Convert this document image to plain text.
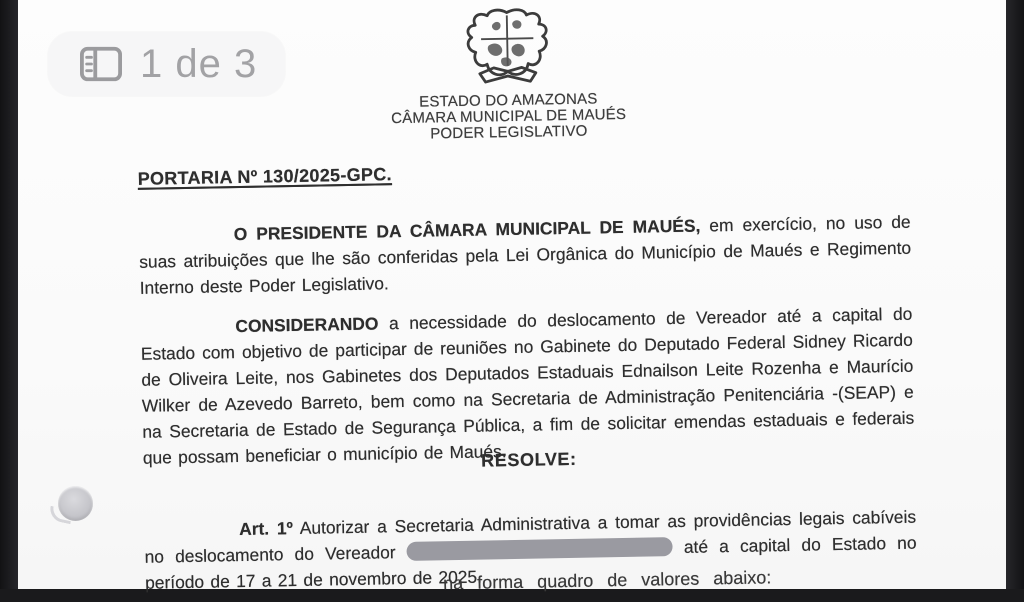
ESTADO DO AMAZONAS
CÂMARA MUNICIPAL DE MAUÉS
PODER LEGISLATIVO
PORTARIA Nº 130/2025-GPC.

O PRESIDENTE DA CÂMARA MUNICIPAL DE MAUÉS, em exercício, no uso de suas atribuições que lhe são conferidas pela Lei Orgânica do Município de Maués e Regimento Interno deste Poder Legislativo.

CONSIDERANDO a necessidade do deslocamento de Vereador até a capital do Estado com objetivo de participar de reuniões no Gabinete do Deputado Federal Sidney Ricardo de Oliveira Leite, nos Gabinetes dos Deputados Estaduais Ednailson Leite Rozenha e Maurício Wilker de Azevedo Barreto, bem como na Secretaria de Administração Penitenciária -(SEAP) e na Secretaria de Estado de Segurança Pública, a fim de solicitar emendas estaduais e federais que possam beneficiar o município de Maués.

RESOLVE:

Art. 1º Autorizar a Secretaria Administrativa a tomar as providências legais cabíveis no deslocamento do Vereador	até a capital do Estado no período de 17 a 21 de novembro de 2025.

na forma quadro de valores abaixo:
1 de 3
